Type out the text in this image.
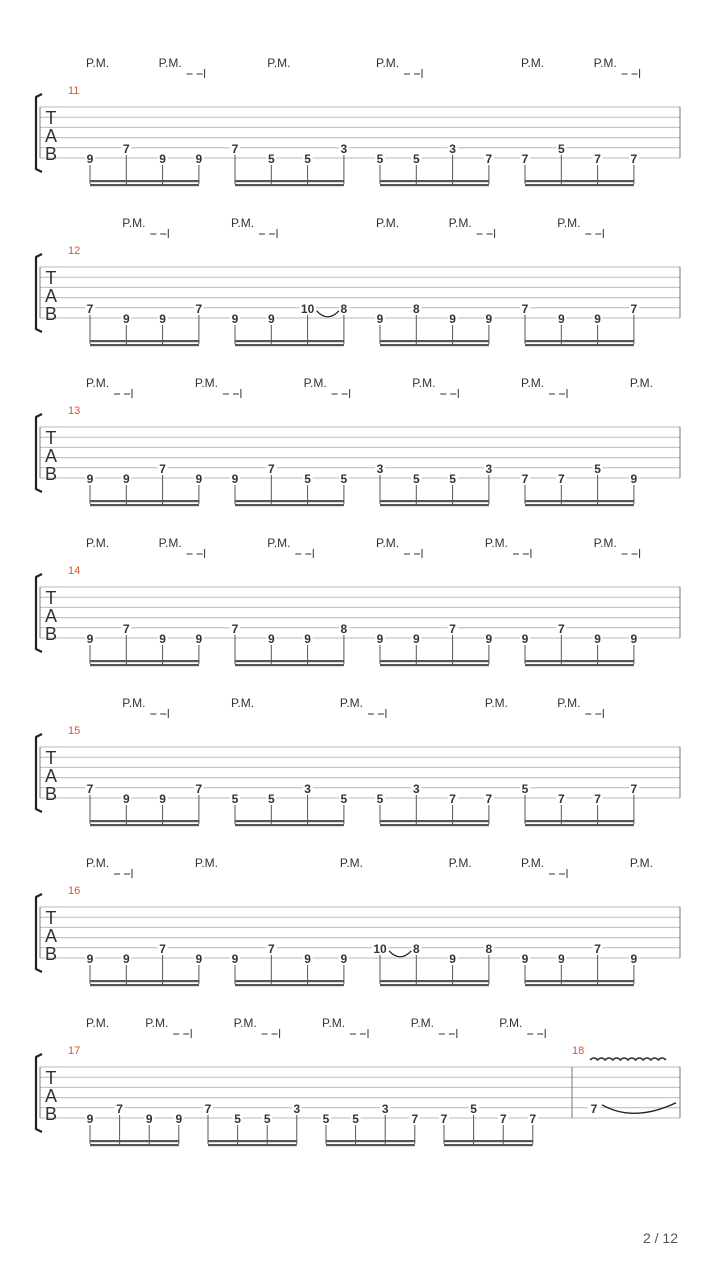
T
A
B
11
9
7
9 9
7
5 5
3
5 5
3
7 7
5
7 7
P.M.	P.M.	P.M.	P.M.	P.M.	P.M.
T
A
B
12
7
9 9
7
9 9
10 8
9
8
9 9
7
9 9
7
P.M.	P.M.	P.M.	P.M.	P.M.
T
A
B
13
9 9
7
9 9
7
5 5
3
5 5
3
7 7
5
9
P.M.	P.M.	P.M.	P.M.	P.M.	P.M.
T
A
B
14
9
7
9 9
7
9 9
8
9 9
7
9 9
7
9 9
P.M.	P.M.	P.M.	P.M.	P.M.	P.M.
T
A
B
15
7
9 9
7
5 5
3
5 5
3
7 7
5
7 7
7
P.M.	P.M.	P.M.	P.M.	P.M.
T
A
B
16
9 9
7
9 9
7
9 9
10 8
9
8
9 9
7
9
P.M.	P.M.	P.M.	P.M.	P.M.	P.M.
T
A
B
17
9
7
9 9
7
5 5
3
5 5
3
7 7
5
7 7
P.M.	P.M.	P.M.	P.M.	P.M.	P.M.
18
7
2 / 12
